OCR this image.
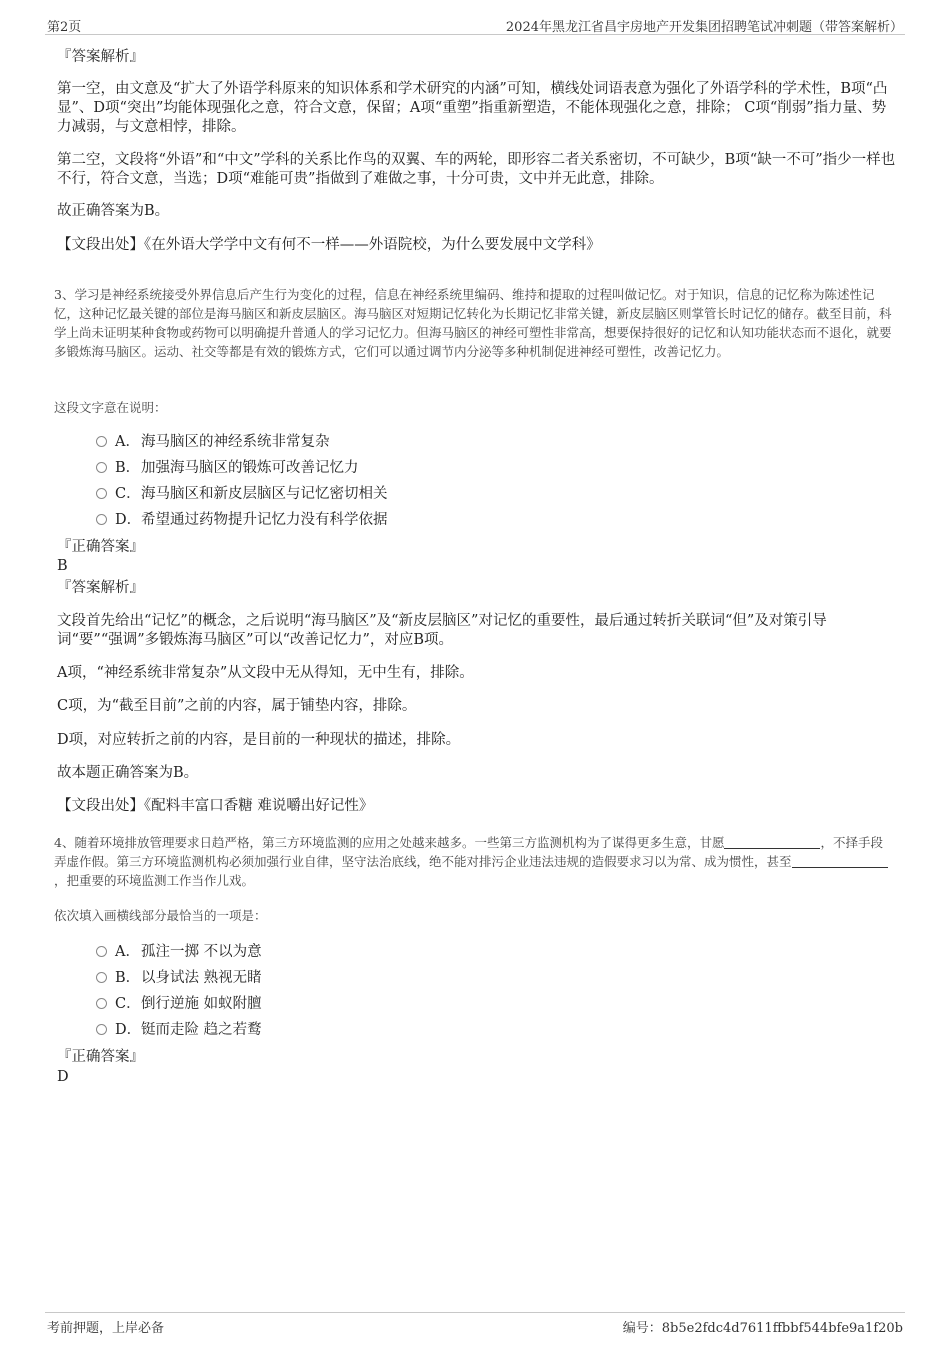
第2页	2024年黑龙江省昌宇房地产开发集团招聘笔试冲刺题（带答案解析）

『答案解析』

第一空，由文意及“扩大了外语学科原来的知识体系和学术研究的内涵”可知，横线处词语表意为强化了外语学科的学术性，B项“凸显”、D项“突出”均能体现强化之意，符合文意，保留；A项“重塑”指重新塑造，不能体现强化之意，排除； C项“削弱”指力量、势力减弱，与文意相悖，排除。

第二空，文段将“外语”和“中文”学科的关系比作鸟的双翼、车的两轮，即形容二者关系密切，不可缺少，B项“缺一不可”指少一样也不行，符合文意，当选；D项“难能可贵”指做到了难做之事，十分可贵，文中并无此意，排除。

故正确答案为B。

【文段出处】《在外语大学学中文有何不一样——外语院校，为什么要发展中文学科》

3、学习是神经系统接受外界信息后产生行为变化的过程，信息在神经系统里编码、维持和提取的过程叫做记忆。对于知识，信息的记忆称为陈述性记忆，这种记忆最关键的部位是海马脑区和新皮层脑区。海马脑区对短期记忆转化为长期记忆非常关键，新皮层脑区则掌管长时记忆的储存。截至目前，科学上尚未证明某种食物或药物可以明确提升普通人的学习记忆力。但海马脑区的神经可塑性非常高，想要保持很好的记忆和认知功能状态而不退化，就要多锻炼海马脑区。运动、社交等都是有效的锻炼方式，它们可以通过调节内分泌等多种机制促进神经可塑性，改善记忆力。

这段文字意在说明：

A．海马脑区的神经系统非常复杂
B．加强海马脑区的锻炼可改善记忆力
C．海马脑区和新皮层脑区与记忆密切相关
D．希望通过药物提升记忆力没有科学依据

『正确答案』

B

『答案解析』

文段首先给出“记忆”的概念，之后说明“海马脑区”及“新皮层脑区”对记忆的重要性，最后通过转折关联词“但”及对策引导词“要”“强调”多锻炼海马脑区”可以“改善记忆力”，对应B项。

A项，“神经系统非常复杂”从文段中无从得知，无中生有，排除。

C项，为“截至目前”之前的内容，属于铺垫内容，排除。

D项，对应转折之前的内容，是目前的一种现状的描述，排除。

故本题正确答案为B。

【文段出处】《配料丰富口香糖 难说嚼出好记性》

4、随着环境排放管理要求日趋严格，第三方环境监测的应用之处越来越多。一些第三方监测机构为了谋得更多生意，甘愿	，不择手段弄虚作假。第三方环境监测机构必须加强行业自律，坚守法治底线，绝不能对排污企业违法违规的造假要求习以为常、成为惯性，甚至，把重要的环境监测工作当作儿戏。

依次填入画横线部分最恰当的一项是：

A．孤注一掷 不以为意
B．以身试法 熟视无睹
C．倒行逆施 如蚁附膻
D．铤而走险 趋之若鹜

『正确答案』

D

考前押题，上岸必备	编号：8b5e2fdc4d7611ffbbf544bfe9a1f20b
